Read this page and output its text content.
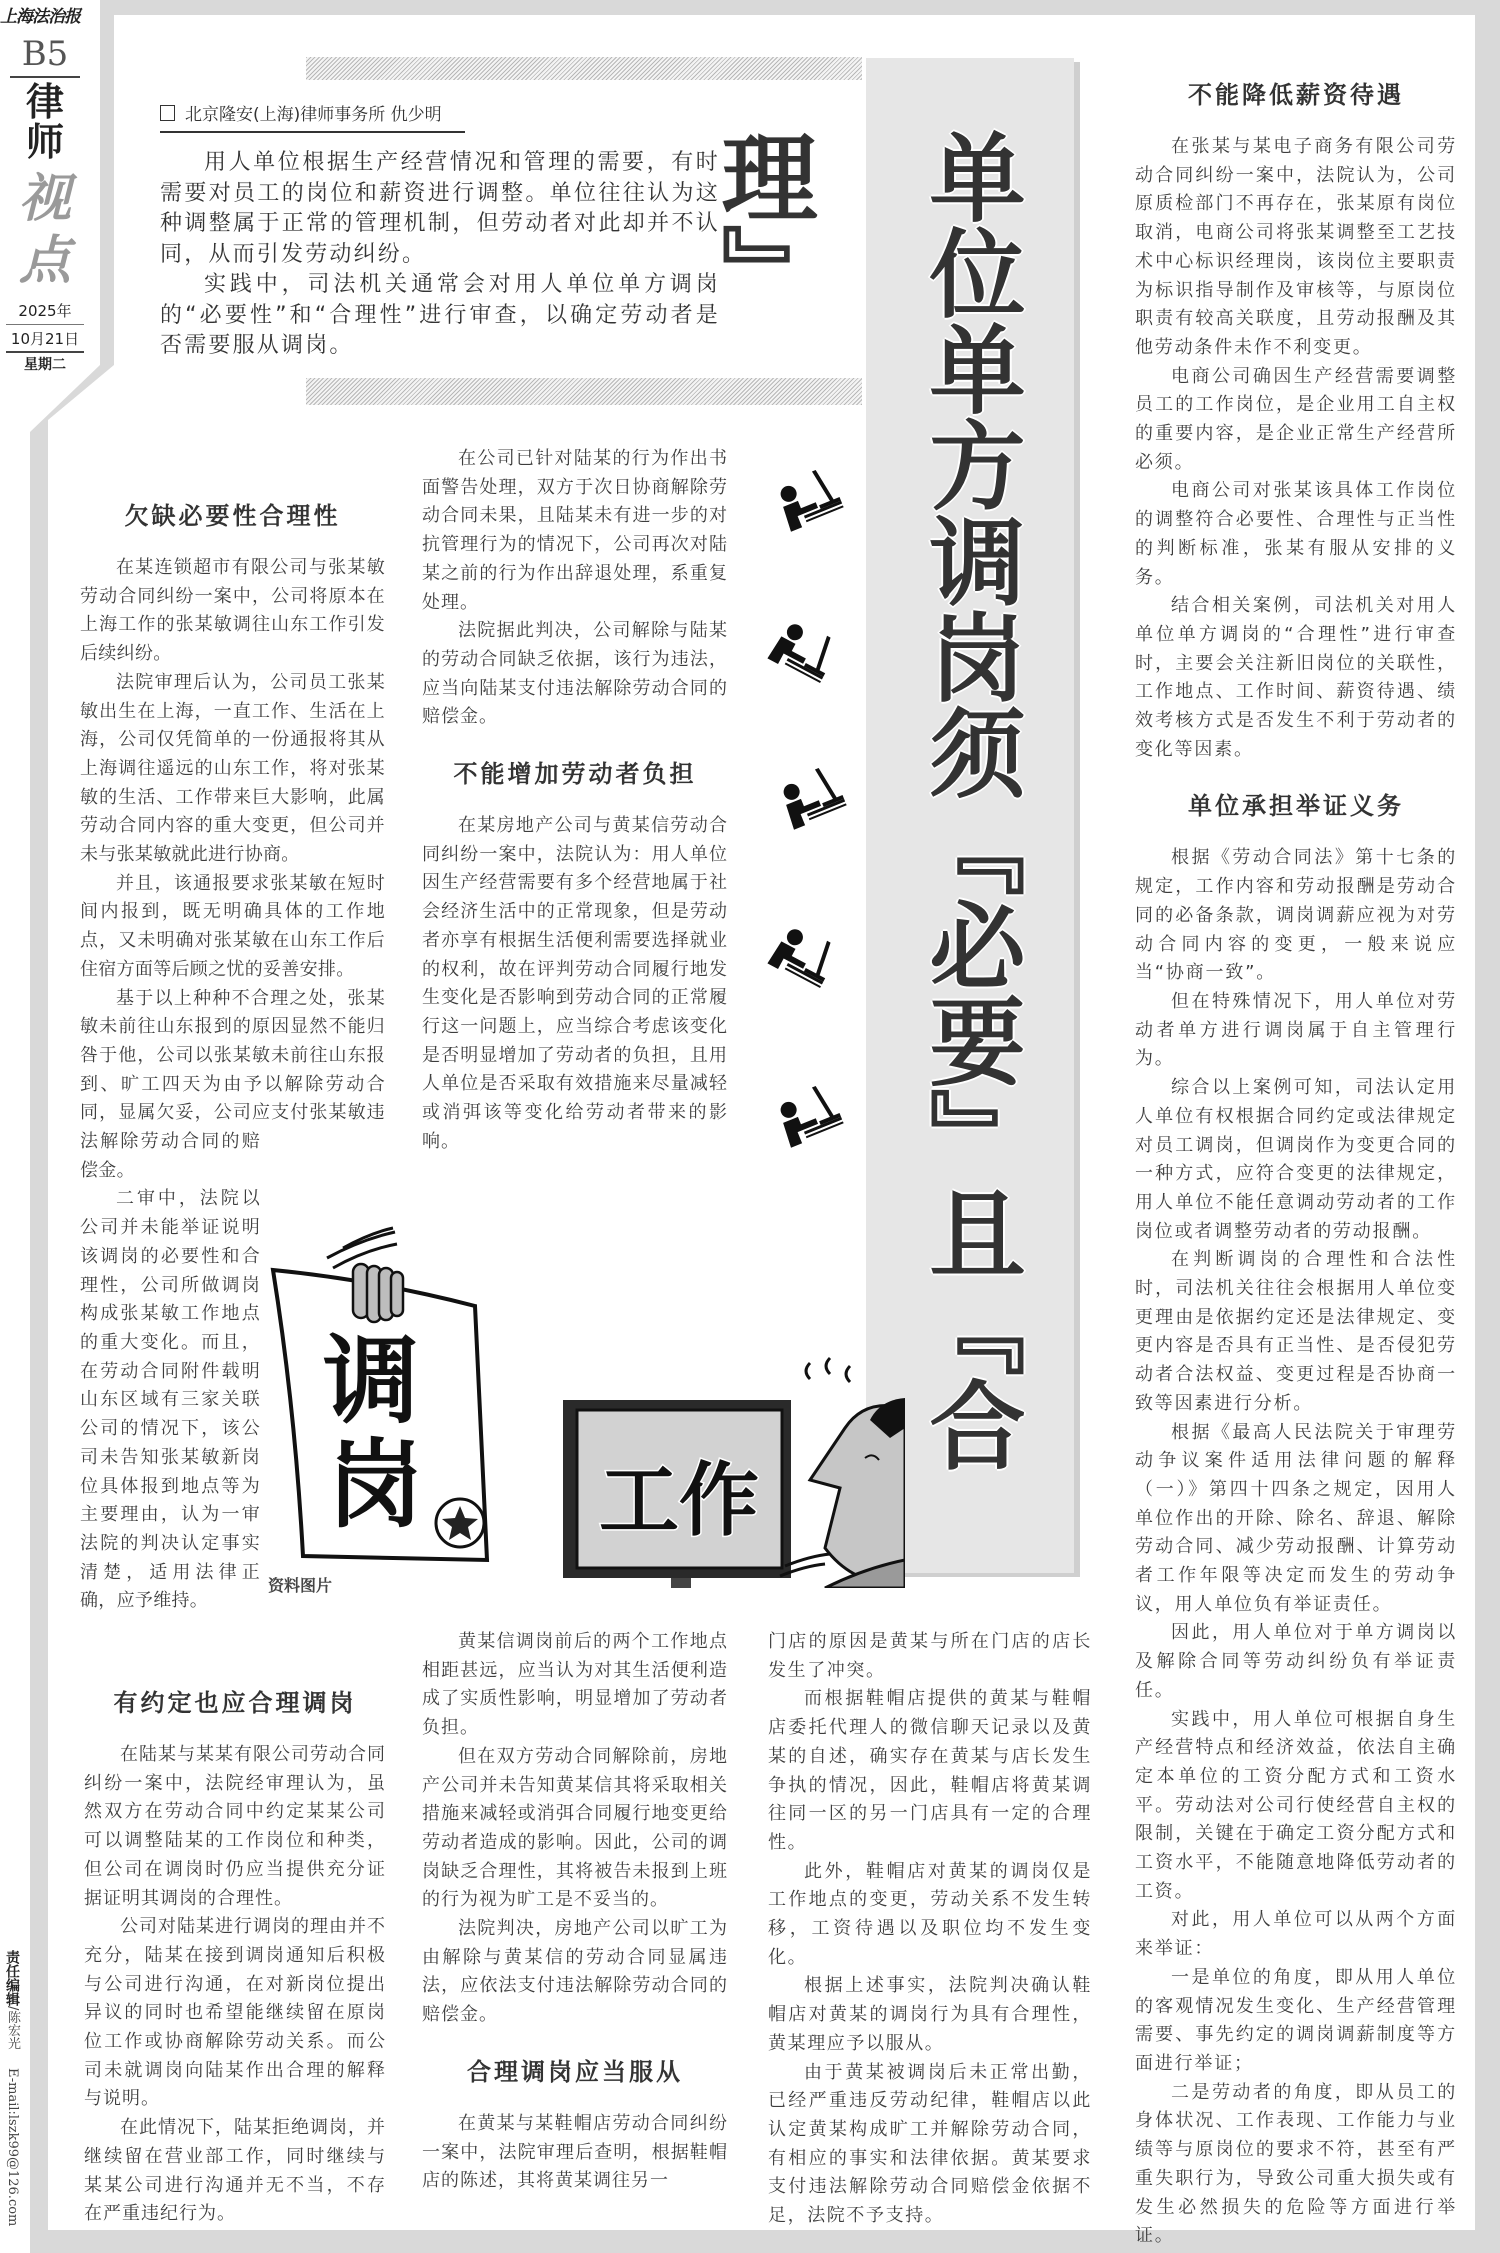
上海法治报
B5
律师
视点
2025年
10月21日
星期二
责任编辑/陈宏光 E-mail:lszk99@126.com
北京隆安(上海)律师事务所 仇少明

用人单位根据生产经营情况和管理的需要，有时需要对员工的岗位和薪资进行调整。单位往往认为这种调整属于正常的管理机制，但劳动者对此却并不认同，从而引发劳动纠纷。

实践中，司法机关通常会对用人单位单方调岗的“必要性”和“合理性”进行审查，以确定劳动者是否需要服从调岗。	单位单方调岗须『必要』且『合理』
欠缺必要性合理性

在某连锁超市有限公司与张某敏劳动合同纠纷一案中，公司将原本在上海工作的张某敏调往山东工作引发后续纠纷。

法院审理后认为，公司员工张某敏出生在上海，一直工作、生活在上海，公司仅凭简单的一份通报将其从上海调往遥远的山东工作，将对张某敏的生活、工作带来巨大影响，此属劳动合同内容的重大变更，但公司并未与张某敏就此进行协商。

并且，该通报要求张某敏在短时间内报到，既无明确具体的工作地点，又未明确对张某敏在山东工作后住宿方面等后顾之忧的妥善安排。

基于以上种种不合理之处，张某敏未前往山东报到的原因显然不能归咎于他，公司以张某敏未前往山东报到、旷工四天为由予以解除劳动合同，显属欠妥，公司应支付张某敏违法解除劳动合同的赔偿金。

二审中，法院以公司并未能举证说明该调岗的必要性和合理性，公司所做调岗构成张某敏工作地点的重大变化。而且，在劳动合同附件载明山东区域有三家关联公司的情况下，该公司未告知张某敏新岗位具体报到地点等为主要理由，认为一审法院的判决认定事实清楚，适用法律正确，应予维持。

有约定也应合理调岗

在陆某与某某有限公司劳动合同纠纷一案中，法院经审理认为，虽然双方在劳动合同中约定某某公司可以调整陆某的工作岗位和种类，但公司在调岗时仍应当提供充分证据证明其调岗的合理性。

公司对陆某进行调岗的理由并不充分，陆某在接到调岗通知后积极与公司进行沟通，在对新岗位提出异议的同时也希望能继续留在原岗位工作或协商解除劳动关系。而公司未就调岗向陆某作出合理的解释与说明。

在此情况下，陆某拒绝调岗，并继续留在营业部工作，同时继续与某某公司进行沟通并无不当，不存在严重违纪行为。

在公司已针对陆某的行为作出书面警告处理，双方于次日协商解除劳动合同未果，且陆某未有进一步的对抗管理行为的情况下，公司再次对陆某之前的行为作出辞退处理，系重复处理。

法院据此判决，公司解除与陆某的劳动合同缺乏依据，该行为违法，应当向陆某支付违法解除劳动合同的赔偿金。

不能增加劳动者负担

在某房地产公司与黄某信劳动合同纠纷一案中，法院认为：用人单位因生产经营需要有多个经营地属于社会经济生活中的正常现象，但是劳动者亦享有根据生活便利需要选择就业的权利，故在评判劳动合同履行地发生变化是否影响到劳动合同的正常履行这一问题上，应当综合考虑该变化是否明显增加了劳动者的负担，且用人单位是否采取有效措施来尽量减轻或消弭该等变化给劳动者带来的影响。

黄某信调岗前后的两个工作地点相距甚远，应当认为对其生活便利造成了实质性影响，明显增加了劳动者负担。

但在双方劳动合同解除前，房地产公司并未告知黄某信其将采取相关措施来减轻或消弭合同履行地变更给劳动者造成的影响。因此，公司的调岗缺乏合理性，其将被告未报到上班的行为视为旷工是不妥当的。

法院判决，房地产公司以旷工为由解除与黄某信的劳动合同显属违法，应依法支付违法解除劳动合同的赔偿金。

合理调岗应当服从

在黄某与某鞋帽店劳动合同纠纷一案中，法院审理后查明，根据鞋帽店的陈述，其将黄某调往另一

门店的原因是黄某与所在门店的店长发生了冲突。

而根据鞋帽店提供的黄某与鞋帽店委托代理人的微信聊天记录以及黄某的自述，确实存在黄某与店长发生争执的情况，因此，鞋帽店将黄某调往同一区的另一门店具有一定的合理性。

此外，鞋帽店对黄某的调岗仅是工作地点的变更，劳动关系不发生转移，工资待遇以及职位均不发生变化。

根据上述事实，法院判决确认鞋帽店对黄某的调岗行为具有合理性，黄某理应予以服从。

由于黄某被调岗后未正常出勤，已经严重违反劳动纪律，鞋帽店以此认定黄某构成旷工并解除劳动合同，有相应的事实和法律依据。黄某要求支付违法解除劳动合同赔偿金依据不足，法院不予支持。

不能降低薪资待遇

在张某与某电子商务有限公司劳动合同纠纷一案中，法院认为，公司原质检部门不再存在，张某原有岗位取消，电商公司将张某调整至工艺技术中心标识经理岗，该岗位主要职责为标识指导制作及审核等，与原岗位职责有较高关联度，且劳动报酬及其他劳动条件未作不利变更。

电商公司确因生产经营需要调整员工的工作岗位，是企业用工自主权的重要内容，是企业正常生产经营所必须。

电商公司对张某该具体工作岗位的调整符合必要性、合理性与正当性的判断标准，张某有服从安排的义务。

结合相关案例，司法机关对用人单位单方调岗的“合理性”进行审查时，主要会关注新旧岗位的关联性，工作地点、工作时间、薪资待遇、绩效考核方式是否发生不利于劳动者的变化等因素。

单位承担举证义务

根据《劳动合同法》第十七条的规定，工作内容和劳动报酬是劳动合同的必备条款，调岗调薪应视为对劳动合同内容的变更，一般来说应当“协商一致”。

但在特殊情况下，用人单位对劳动者单方进行调岗属于自主管理行为。

综合以上案例可知，司法认定用人单位有权根据合同约定或法律规定对员工调岗，但调岗作为变更合同的一种方式，应符合变更的法律规定，用人单位不能任意调动劳动者的工作岗位或者调整劳动者的劳动报酬。

在判断调岗的合理性和合法性时，司法机关往往会根据用人单位变更理由是依据约定还是法律规定、变更内容是否具有正当性、是否侵犯劳动者合法权益、变更过程是否协商一致等因素进行分析。

根据《最高人民法院关于审理劳动争议案件适用法律问题的解释（一）》第四十四条之规定，因用人单位作出的开除、除名、辞退、解除劳动合同、减少劳动报酬、计算劳动者工作年限等决定而发生的劳动争议，用人单位负有举证责任。

因此，用人单位对于单方调岗以及解除合同等劳动纠纷负有举证责任。

实践中，用人单位可根据自身生产经营特点和经济效益，依法自主确定本单位的工资分配方式和工资水平。劳动法对公司行使经营自主权的限制，关键在于确定工资分配方式和工资水平，不能随意地降低劳动者的工资。

对此，用人单位可以从两个方面来举证：

一是单位的角度，即从用人单位的客观情况发生变化、生产经营管理需要、事先约定的调岗调薪制度等方面进行举证；

二是劳动者的角度，即从员工的身体状况、工作表现、工作能力与业绩等与原岗位的要求不符，甚至有严重失职行为，导致公司重大损失或有发生必然损失的危险等方面进行举证。

调
岗 工作
资料图片
